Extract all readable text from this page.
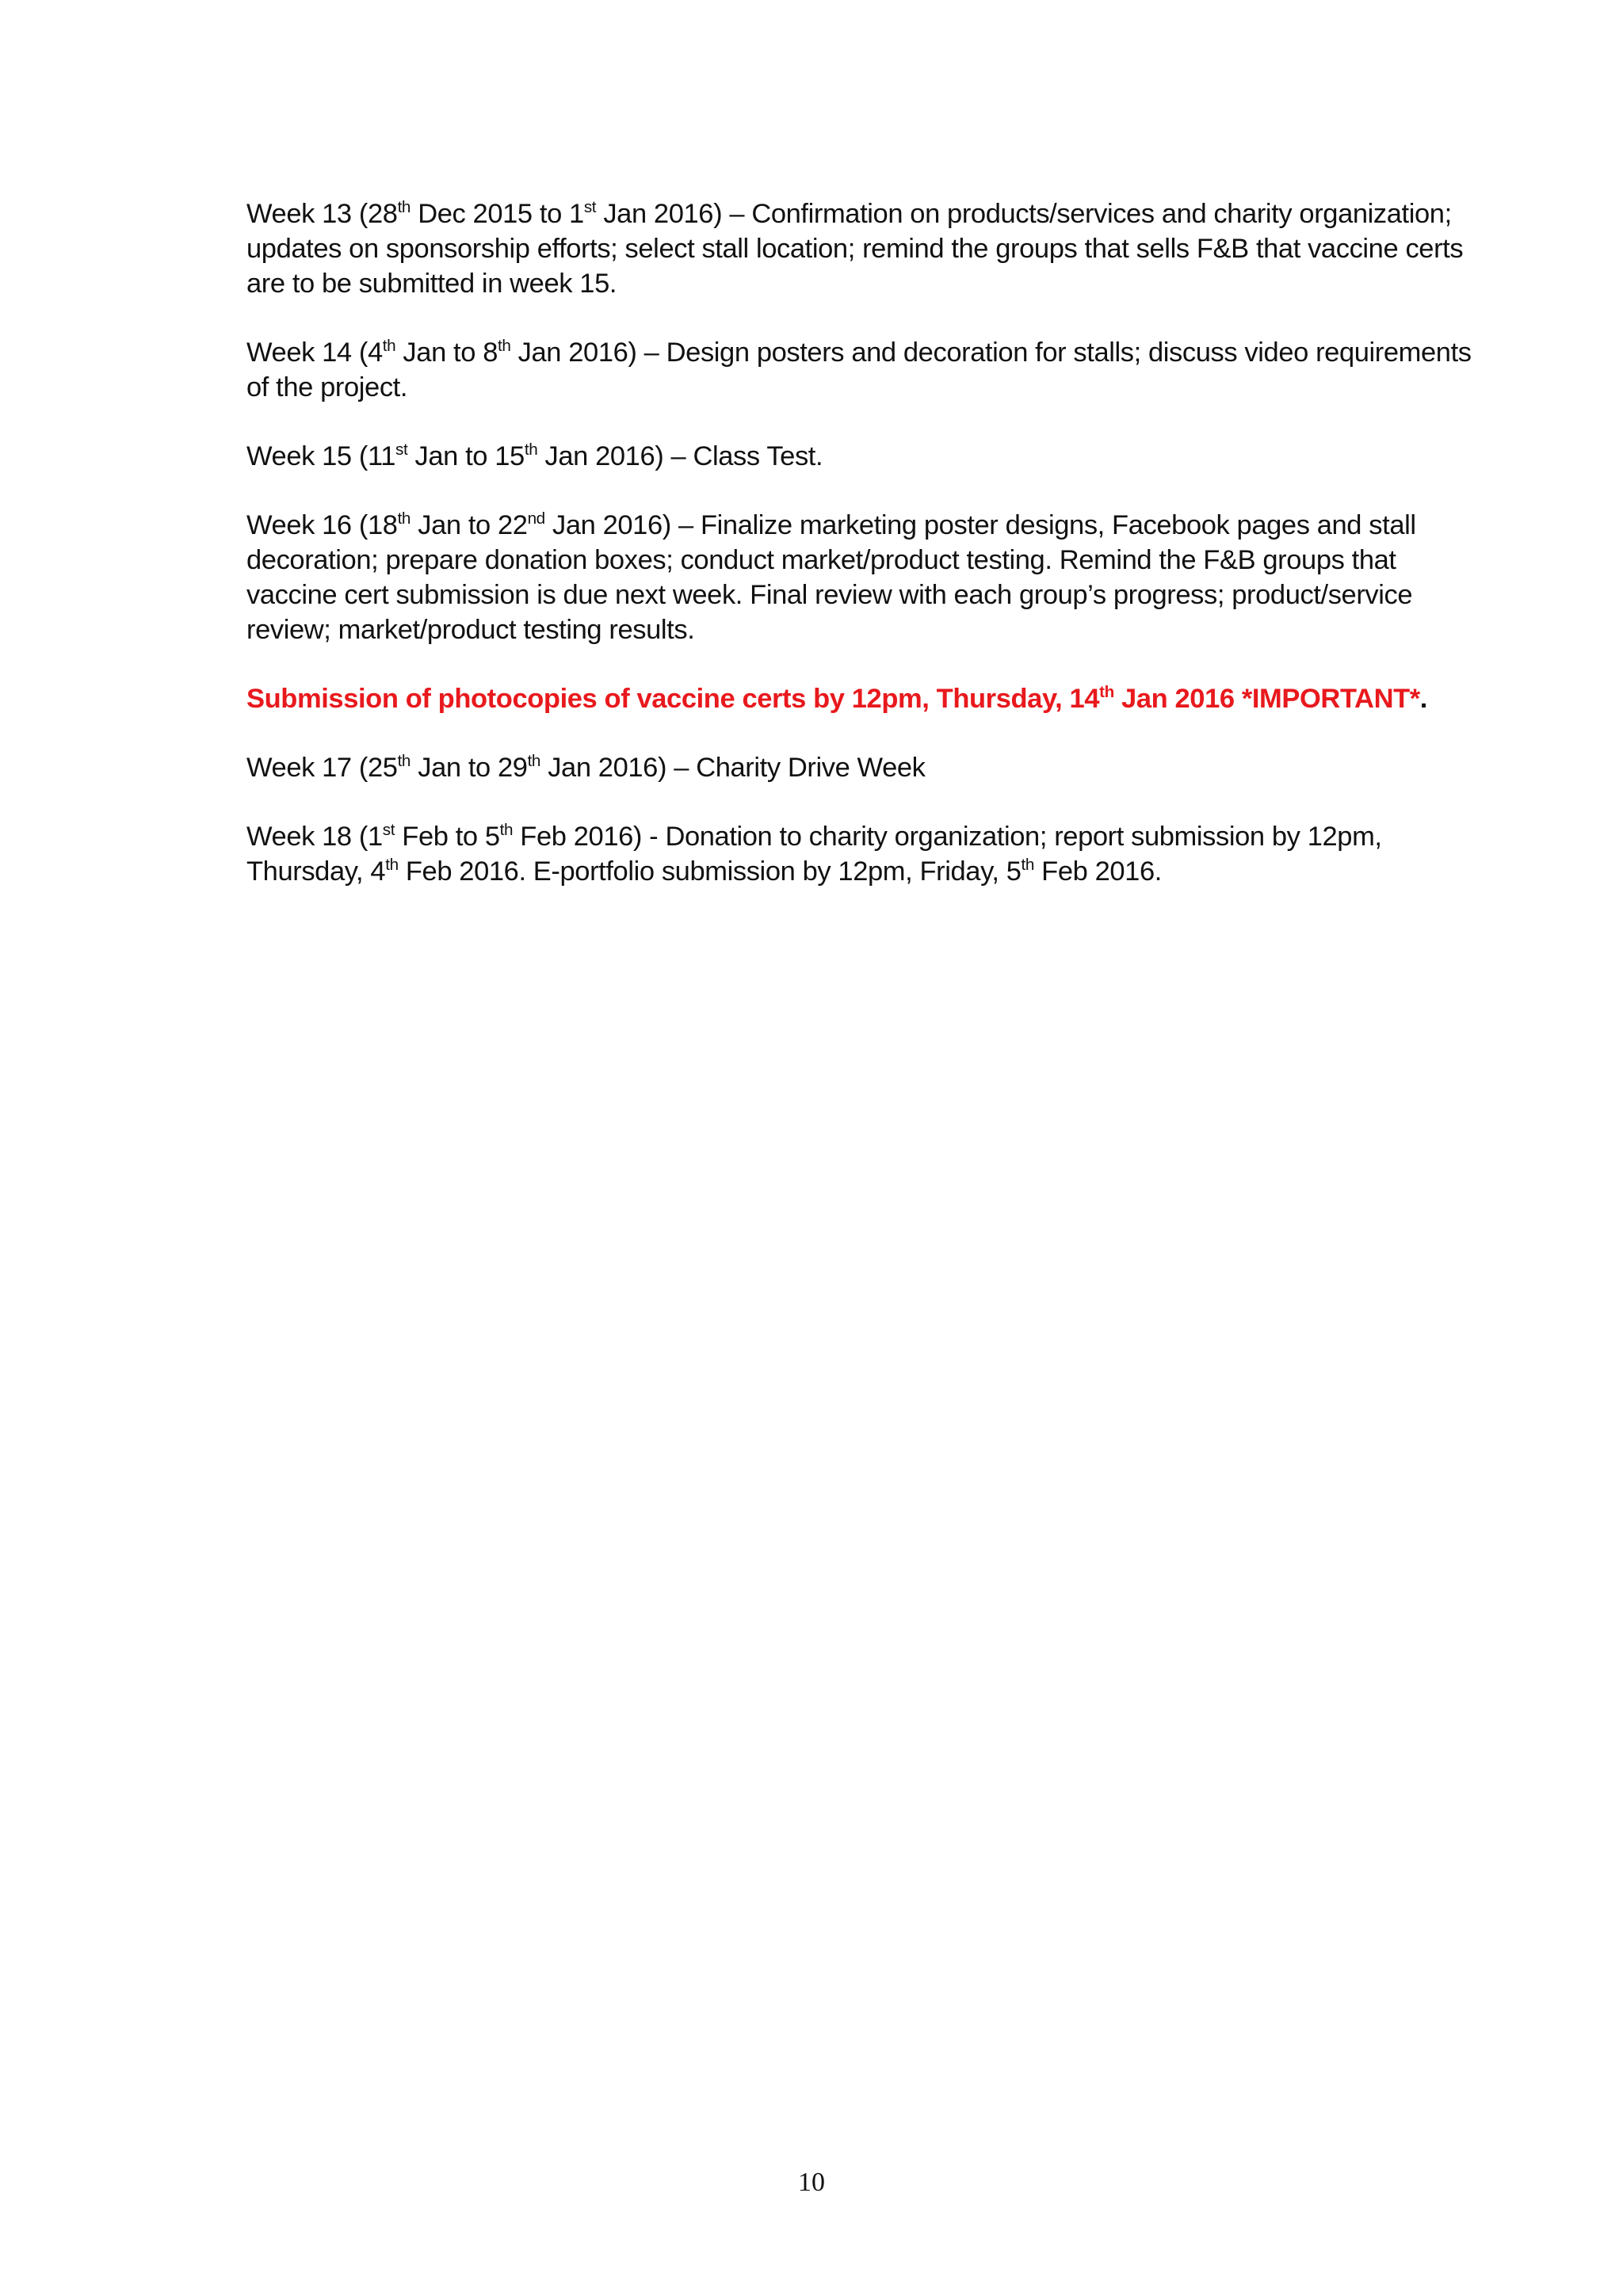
Week 13 (28th Dec 2015 to 1st Jan 2016) – Confirmation on products/services and charity organization;
updates on sponsorship efforts; select stall location; remind the groups that sells F&B that vaccine certs
are to be submitted in week 15.

Week 14 (4th Jan to 8th Jan 2016) – Design posters and decoration for stalls; discuss video requirements
of the project.

Week 15 (11st Jan to 15th Jan 2016) – Class Test.

Week 16 (18th Jan to 22nd Jan 2016) – Finalize marketing poster designs, Facebook pages and stall
decoration; prepare donation boxes; conduct market/product testing. Remind the F&B groups that
vaccine cert submission is due next week. Final review with each group’s progress; product/service
review; market/product testing results.

Submission of photocopies of vaccine certs by 12pm, Thursday, 14th Jan 2016 *IMPORTANT*.

Week 17 (25th Jan to 29th Jan 2016) – Charity Drive Week

Week 18 (1st Feb to 5th Feb 2016) - Donation to charity organization; report submission by 12pm,
Thursday, 4th Feb 2016. E-portfolio submission by 12pm, Friday, 5th Feb 2016.

10
